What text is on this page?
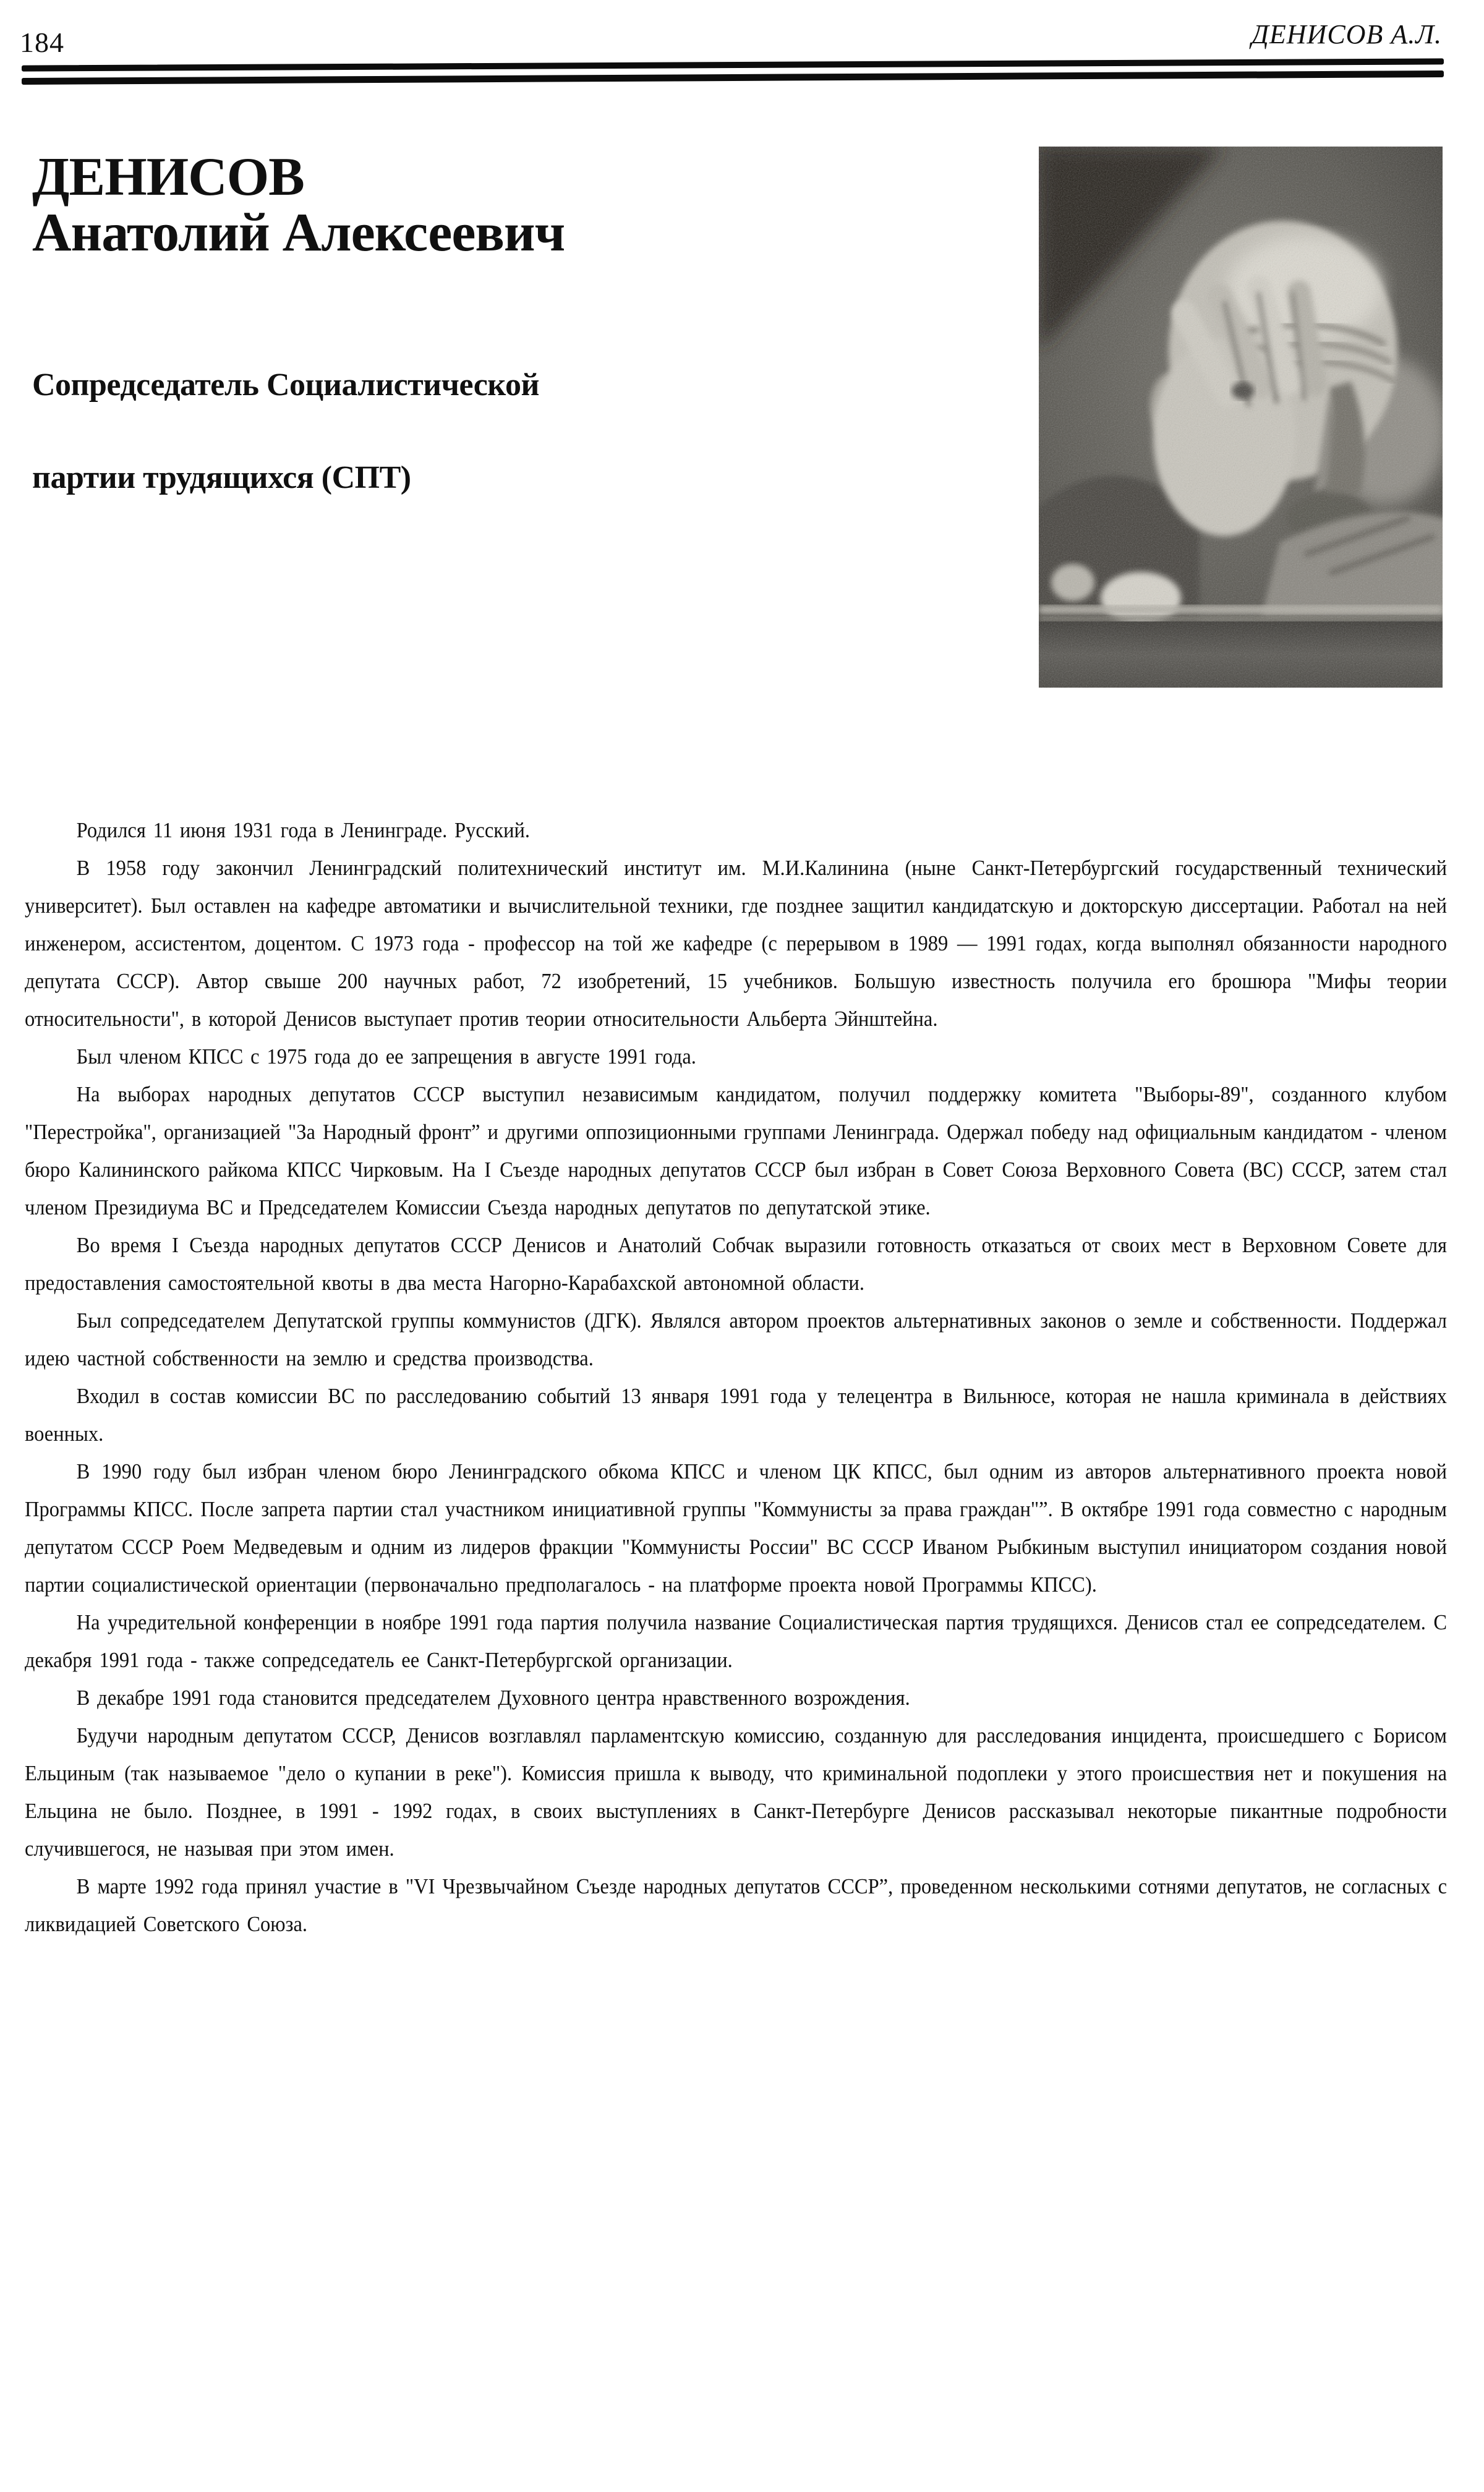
184	ДЕНИСОВ А.Л.
ДЕНИСОВ
Анатолий Алексеевич
Сопредседатель Социалистической
партии трудящихся (СПТ)

Родился 11 июня 1931 года в Ленинграде. Русский.

В 1958 году закончил Ленинградский политехнический институт им. М.И.Калинина (ныне Санкт-Петербургский государственный технический университет). Был оставлен на кафедре автоматики и вычислительной техники, где позднее защитил кандидатскую и докторскую диссертации. Работал на ней инженером, ассистентом, доцентом. С 1973 года - профессор на той же кафедре (с перерывом в 1989 — 1991 годах, когда выполнял обязанности народного депутата СССР). Автор свыше 200 научных работ, 72 изобретений, 15 учебников. Большую известность получила его брошюра "Мифы теории относительности", в которой Денисов выступает против теории относительности Альберта Эйнштейна.

Был членом КПСС с 1975 года до ее запрещения в августе 1991 года.

На выборах народных депутатов СССР выступил независимым кандидатом, получил поддержку комитета "Выборы-89", созданного клубом "Перестройка", организацией "За Народный фронт” и другими оппозиционными группами Ленинграда. Одержал победу над официальным кандидатом - членом бюро Калининского райкома КПСС Чирковым. На I Съезде народных депутатов СССР был избран в Совет Союза Верховного Совета (ВС) СССР, затем стал членом Президиума ВС и Председателем Комиссии Съезда народных депутатов по депутатской этике.

Во время I Съезда народных депутатов СССР Денисов и Анатолий Собчак выразили готовность отказаться от своих мест в Верховном Совете для предоставления самостоятельной квоты в два места Нагорно-Карабахской автономной области.

Был сопредседателем Депутатской группы коммунистов (ДГК). Являлся автором проектов альтернативных законов о земле и собственности. Поддержал идею частной собственности на землю и средства производства.

Входил в состав комиссии ВС по расследованию событий 13 января 1991 года у телецентра в Вильнюсе, которая не нашла криминала в действиях военных.

В 1990 году был избран членом бюро Ленинградского обкома КПСС и членом ЦК КПСС, был одним из авторов альтернативного проекта новой Программы КПСС. После запрета партии стал участником инициативной группы "Коммунисты за права граждан"”. В октябре 1991 года совместно с народным депутатом СССР Роем Медведевым и одним из лидеров фракции "Коммунисты России" ВС СССР Иваном Рыбкиным выступил инициатором создания новой партии социалистической ориентации (первоначально предполагалось - на платформе проекта новой Программы КПСС).

На учредительной конференции в ноябре 1991 года партия получила название Социалистическая партия трудящихся. Денисов стал ее сопредседателем. С декабря 1991 года - также сопредседатель ее Санкт-Петербургской организации.

В декабре 1991 года становится председателем Духовного центра нравственного возрождения.

Будучи народным депутатом СССР, Денисов возглавлял парламентскую комиссию, созданную для расследования инцидента, происшедшего с Борисом Ельциным (так называемое "дело о купании в реке"). Комиссия пришла к выводу, что криминальной подоплеки у этого происшествия нет и покушения на Ельцина не было. Позднее, в 1991 - 1992 годах, в своих выступлениях в Санкт-Петербурге Денисов рассказывал некоторые пикантные подробности случившегося, не называя при этом имен.

В марте 1992 года принял участие в "VI Чрезвычайном Съезде народных депутатов СССР”, проведенном несколькими сотнями депутатов, не согласных с ликвидацией Советского Союза.
